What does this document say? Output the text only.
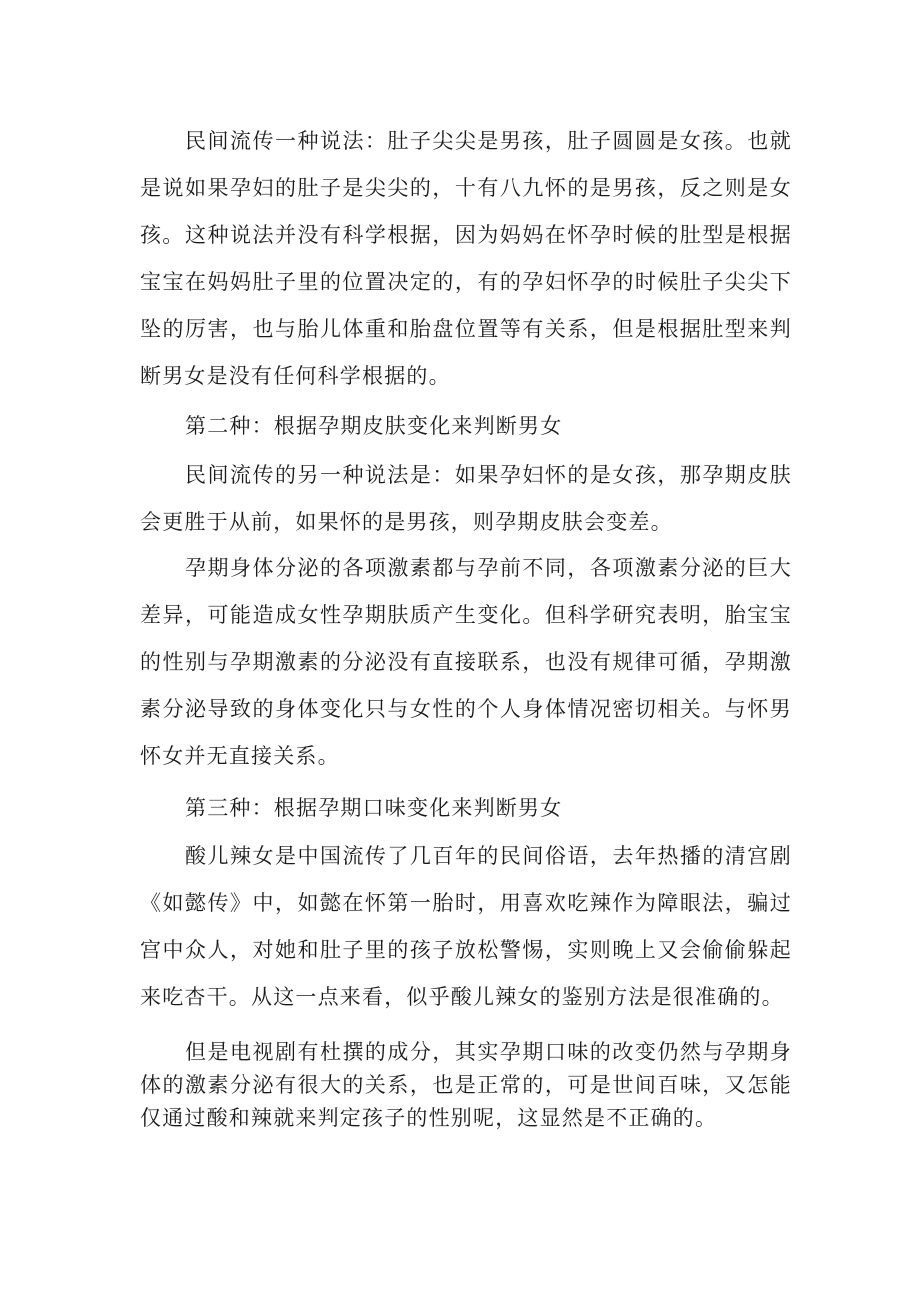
民间流传一种说法：肚子尖尖是男孩，肚子圆圆是女孩。也就是说如果孕妇的肚子是尖尖的，十有八九怀的是男孩，反之则是女孩。 这种说法并没有科学根据，因为妈妈在怀孕时候的肚型是根据宝宝在妈妈肚子里的位置决定的，有的孕妇怀孕的时候肚子尖尖下坠的厉害，也与胎儿体重和胎盘位置等有关系，但是根据肚型来判断男女是没有任何科学根据的。

第二种：根据孕期皮肤变化来判断男女

民间流传的另一种说法是：如果孕妇怀的是女孩，那孕期皮肤会更胜于从前，如果怀的是男孩，则孕期皮肤会变差。

孕期身体分泌的各项激素都与孕前不同，各项激素分泌的巨大差异，可能造成女性孕期肤质产生变化。但科学研究表明，胎宝宝的性别与孕期激素的分泌没有直接联系，也没有规律可循，孕期激素分泌导致的身体变化只与女性的个人身体情况密切相关。与怀男怀女并无直接关系。

第三种：根据孕期口味变化来判断男女

酸儿辣女是中国流传了几百年的民间俗语，去年热播的清宫剧《如懿传》中，如懿在怀第一胎时，用喜欢吃辣作为障眼法，骗过宫中众人，对她和肚子里的孩子放松警惕，实则晚上又会偷偷躲起来吃杏干。从这一点来看，似乎酸儿辣女的鉴别方法是很准确的。

但是电视剧有杜撰的成分，其实孕期口味的改变仍然与孕期身体的激素分泌有很大的关系，也是正常的，可是世间百味，又怎能仅通过酸和辣就来判定孩子的性别呢，这显然是不正确的。
